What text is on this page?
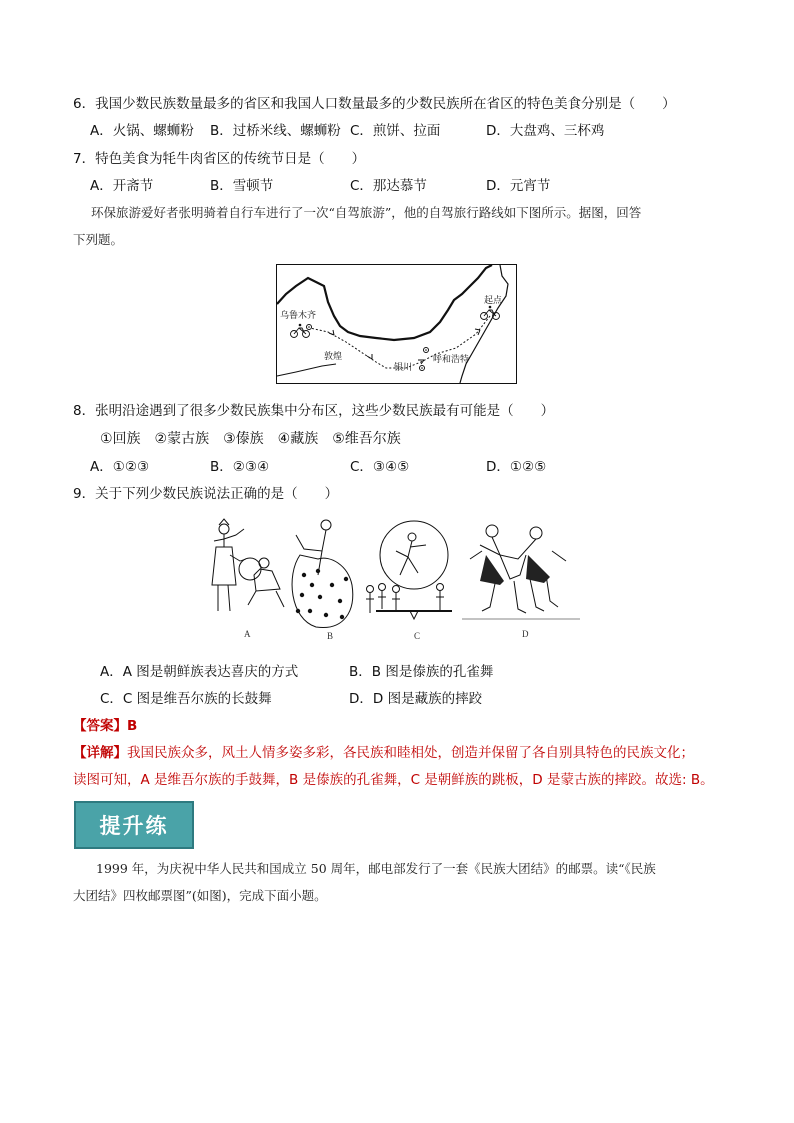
6．我国少数民族数量最多的省区和我国人口数量最多的少数民族所在省区的特色美食分别是（　　）
A．火锅、螺蛳粉 B．过桥米线、螺蛳粉 C．煎饼、拉面	D．大盘鸡、三杯鸡
7．特色美食为牦牛肉省区的传统节日是（　　）
A．开斋节	B．雪顿节	C．那达慕节	D．元宵节
环保旅游爱好者张明骑着自行车进行了一次“自驾旅游”，他的自驾旅行路线如下图所示。据图，回答
下列题。
乌鲁木齐
起点
敦煌	呼和浩特
银川
8．张明沿途遇到了很多少数民族集中分布区，这些少数民族最有可能是（　　）
①回族　②蒙古族　③傣族　④藏族　⑤维吾尔族
A．①②③	B．②③④	C．③④⑤	D．①②⑤
9．关于下列少数民族说法正确的是（　　）
A	B	C	D
A．A 图是朝鲜族表达喜庆的方式	B．B 图是傣族的孔雀舞
C．C 图是维吾尔族的长鼓舞	D．D 图是藏族的摔跤
【答案】B
【详解】我国民族众多，风土人情多姿多彩，各民族和睦相处，创造并保留了各自别具特色的民族文化；
读图可知，A 是维吾尔族的手鼓舞，B 是傣族的孔雀舞，C 是朝鲜族的跳板，D 是蒙古族的摔跤。故选: B。
提升练
1999 年，为庆祝中华人民共和国成立 50 周年，邮电部发行了一套《民族大团结》的邮票。读“《民族
大团结》四枚邮票图”(如图)，完成下面小题。
